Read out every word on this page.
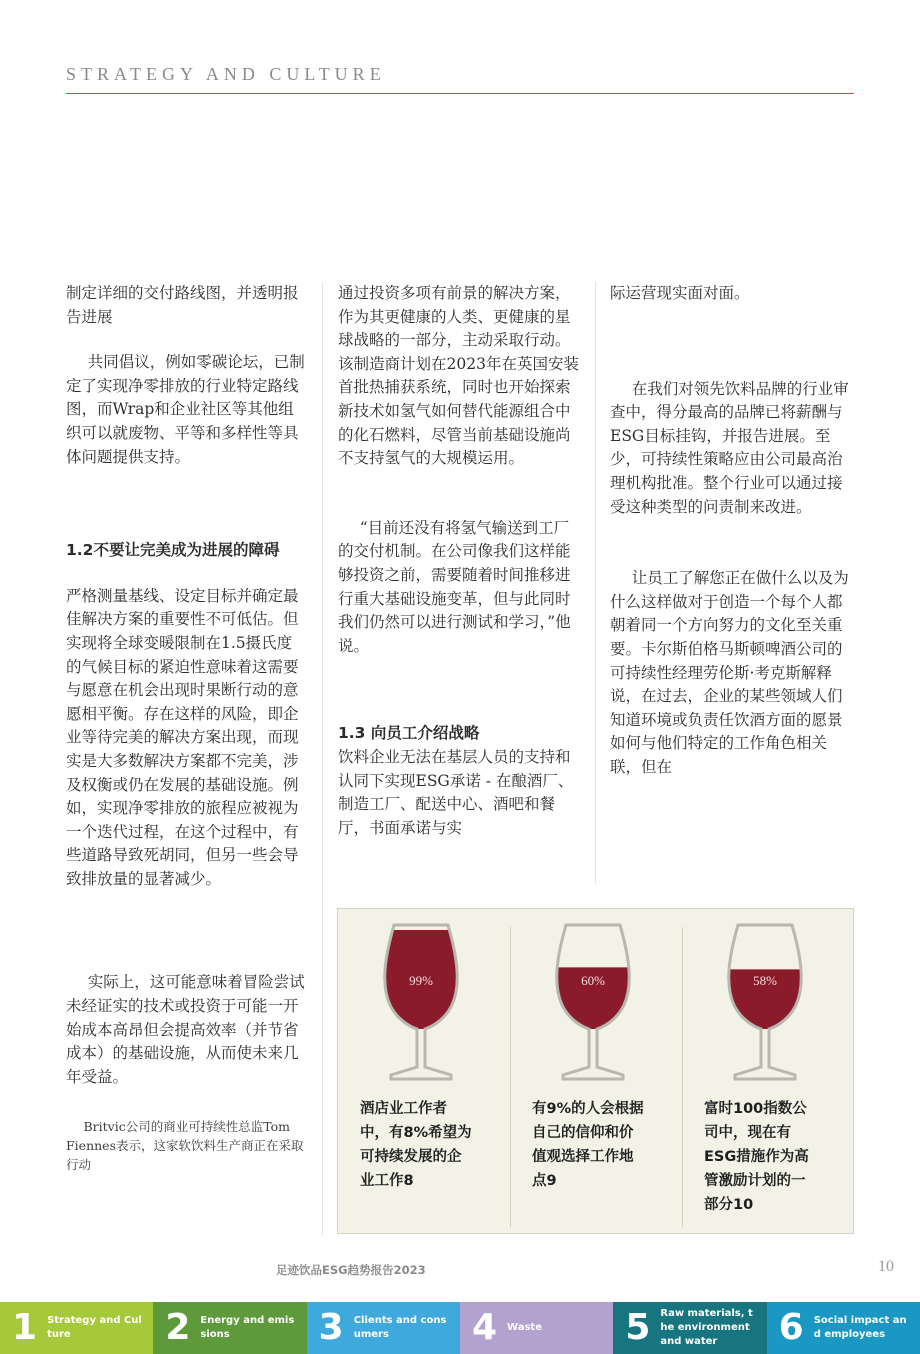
STRATEGY AND CULTURE

制定详细的交付路线图，并透明报告进展

共同倡议，例如零碳论坛，已制定了实现净零排放的行业特定路线图，而Wrap和企业社区等其他组织可以就废物、平等和多样性等具体问题提供支持。

1.2不要让完美成为进展的障碍

严格测量基线、设定目标并确定最佳解决方案的重要性不可低估。但实现将全球变暖限制在1.5摄氏度的气候目标的紧迫性意味着这需要与愿意在机会出现时果断行动的意愿相平衡。存在这样的风险，即企业等待完美的解决方案出现，而现实是大多数解决方案都不完美，涉及权衡或仍在发展的基础设施。例如，实现净零排放的旅程应被视为一个迭代过程，在这个过程中，有些道路导致死胡同，但另一些会导致排放量的显著减少。

实际上，这可能意味着冒险尝试未经证实的技术或投资于可能一开始成本高昂但会提高效率（并节省成本）的基础设施，从而使未来几年受益。

Britvic公司的商业可持续性总监Tom Fiennes表示，这家软饮料生产商正在采取行动

通过投资多项有前景的解决方案，作为其更健康的人类、更健康的星球战略的一部分，主动采取行动。该制造商计划在2023年在英国安装首批热捕获系统，同时也开始探索新技术如氢气如何替代能源组合中的化石燃料，尽管当前基础设施尚不支持氢气的大规模运用。

“目前还没有将氢气输送到工厂的交付机制。在公司像我们这样能够投资之前，需要随着时间推移进行重大基础设施变革，但与此同时我们仍然可以进行测试和学习，”他说。

1.3 向员工介绍战略

饮料企业无法在基层人员的支持和认同下实现ESG承诺 - 在酿酒厂、制造工厂、配送中心、酒吧和餐厅，书面承诺与实

际运营现实面对面。

在我们对领先饮料品牌的行业审查中，得分最高的品牌已将薪酬与ESG目标挂钩，并报告进展。至少，可持续性策略应由公司最高治理机构批准。整个行业可以通过接受这种类型的问责制来改进。

让员工了解您正在做什么以及为什么这样做对于创造一个每个人都朝着同一个方向努力的文化至关重要。卡尔斯伯格马斯顿啤酒公司的可持续性经理劳伦斯·考克斯解释说，在过去，企业的某些领域人们知道环境或负责任饮酒方面的愿景如何与他们特定的工作角色相关联，但在

99%
酒店业工作者中，有8%希望为可持续发展的企业工作8
60%
有9%的人会根据自己的信仰和价值观选择工作地点9
58%
富时100指数公司中，现在有ESG措施作为高管激励计划的一部分10
足迹饮品ESG趋势报告2023	10
1 Strategy and Culture	2 Energy and emissions	3 Clients and consumers	4 Waste	5 Raw materials, the environment and water	6 Social impact and employees
